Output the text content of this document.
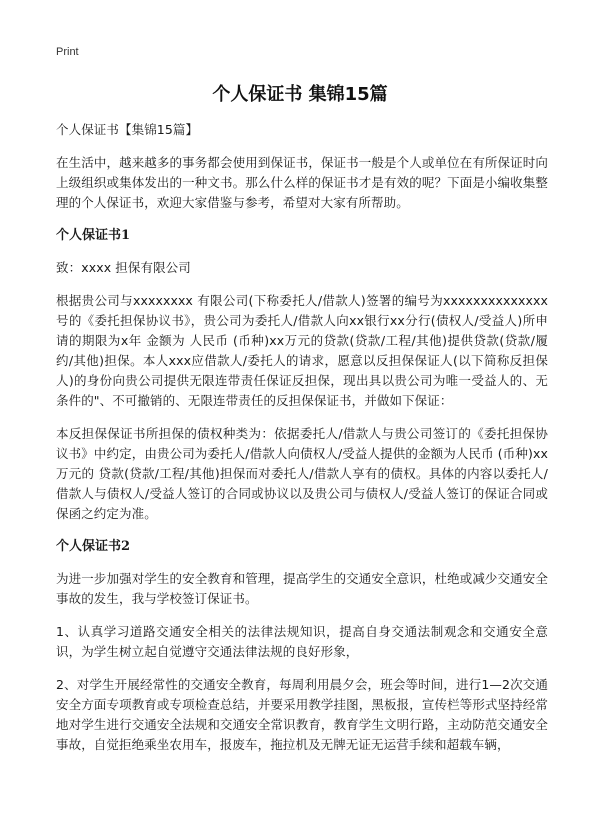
Print
个人保证书 集锦15篇

个人保证书【集锦15篇】

在生活中，越来越多的事务都会使用到保证书，保证书一般是个人或单位在有所保证时向上级组织或集体发出的一种文书。那么什么样的保证书才是有效的呢？下面是小编收集整理的个人保证书，欢迎大家借鉴与参考，希望对大家有所帮助。

个人保证书1

致：xxxx 担保有限公司

根据贵公司与xxxxxxxx 有限公司(下称委托人/借款人)签署的编号为xxxxxxxxxxxxxx号的《委托担保协议书》，贵公司为委托人/借款人向xx银行xx分行(债权人/受益人)所申请的期限为x年 金额为 人民币 (币种)xx万元的贷款(贷款/工程/其他)提供贷款(贷款/履约/其他)担保。本人xxx应借款人/委托人的请求，愿意以反担保保证人(以下简称反担保人)的身份向贵公司提供无限连带责任保证反担保，现出具以贵公司为唯一受益人的、无条件的"、不可撤销的、无限连带责任的反担保保证书，并做如下保证：

本反担保保证书所担保的债权种类为：依据委托人/借款人与贵公司签订的《委托担保协议书》中约定，由贵公司为委托人/借款人向债权人/受益人提供的金额为人民币 (币种)xx万元的 贷款(贷款/工程/其他)担保而对委托人/借款人享有的债权。具体的内容以委托人/借款人与债权人/受益人签订的合同或协议以及贵公司与债权人/受益人签订的保证合同或保函之约定为准。

个人保证书2

为进一步加强对学生的安全教育和管理，提高学生的交通安全意识，杜绝或减少交通安全事故的发生，我与学校签订保证书。

1、认真学习道路交通安全相关的法律法规知识，提高自身交通法制观念和交通安全意识，为学生树立起自觉遵守交通法律法规的良好形象，

2、对学生开展经常性的交通安全教育，每周利用晨夕会，班会等时间，进行1—2次交通安全方面专项教育或专项检查总结，并要采用教学挂图，黑板报，宣传栏等形式坚持经常地对学生进行交通安全法规和交通安全常识教育，教育学生文明行路，主动防范交通安全事故，自觉拒绝乘坐农用车，报废车，拖拉机及无牌无证无运营手续和超载车辆，
